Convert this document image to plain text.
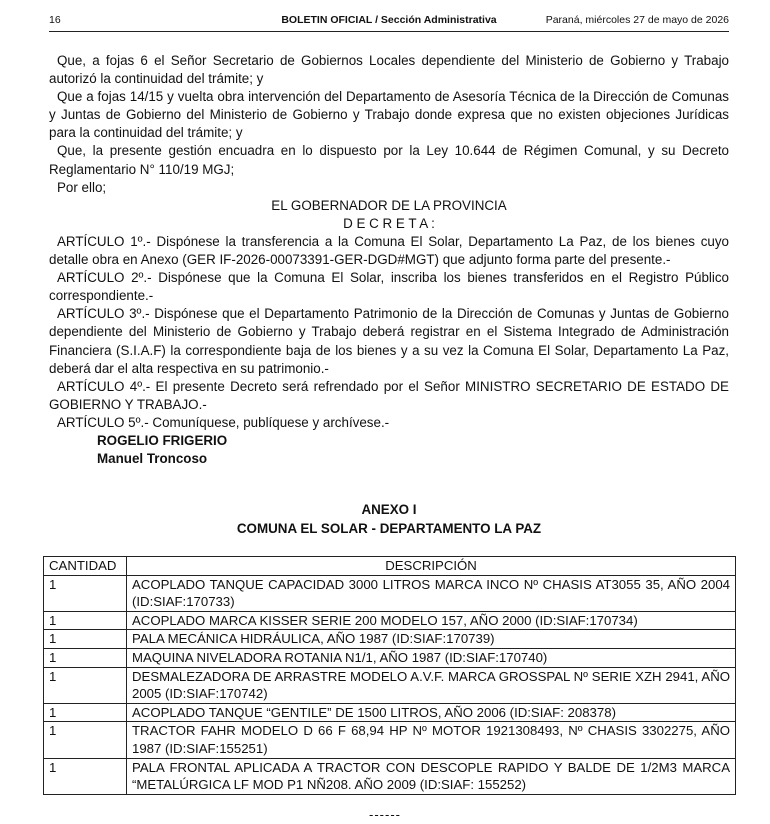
16	BOLETIN OFICIAL / Sección Administrativa	Paraná, miércoles 27 de mayo de 2026
Que, a fojas 6 el Señor Secretario de Gobiernos Locales dependiente del Ministerio de Gobierno y Trabajo autorizó la continuidad del trámite; y
Que a fojas 14/15 y vuelta obra intervención del Departamento de Asesoría Técnica de la Dirección de Comunas y Juntas de Gobierno del Ministerio de Gobierno y Trabajo donde expresa que no existen objeciones Jurídicas para la continuidad del trámite; y
Que, la presente gestión encuadra en lo dispuesto por la Ley 10.644 de Régimen Comunal, y su Decreto Reglamentario N° 110/19 MGJ;
Por ello;
EL GOBERNADOR DE LA PROVINCIA
D E C R E T A :
ARTÍCULO 1º.- Dispónese la transferencia a la Comuna El Solar, Departamento La Paz, de los bienes cuyo detalle obra en Anexo (GER IF-2026-00073391-GER-DGD#MGT) que adjunto forma parte del presente.-
ARTÍCULO 2º.- Dispónese que la Comuna El Solar, inscriba los bienes transferidos en el Registro Público correspondiente.-
ARTÍCULO 3º.- Dispónese que el Departamento Patrimonio de la Dirección de Comunas y Juntas de Gobierno dependiente del Ministerio de Gobierno y Trabajo deberá registrar en el Sistema Integrado de Administración Financiera (S.I.A.F) la correspondiente baja de los bienes y a su vez la Comuna El Solar, Departamento La Paz, deberá dar el alta respectiva en su patrimonio.-
ARTÍCULO 4º.- El presente Decreto será refrendado por el Señor MINISTRO SECRETARIO DE ESTADO DE GOBIERNO Y TRABAJO.-
ARTÍCULO 5º.- Comuníquese, publíquese y archívese.-
ROGELIO FRIGERIO
Manuel Troncoso
ANEXO I
COMUNA EL SOLAR - DEPARTAMENTO LA PAZ
CANTIDAD	DESCRIPCIÓN
1	ACOPLADO TANQUE CAPACIDAD 3000 LITROS MARCA INCO Nº CHASIS AT3055 35, AÑO 2004 (ID:SIAF:170733)
1	ACOPLADO MARCA KISSER SERIE 200 MODELO 157, AÑO 2000 (ID:SIAF:170734)
1	PALA MECÁNICA HIDRÁULICA, AÑO 1987 (ID:SIAF:170739)
1	MAQUINA NIVELADORA ROTANIA N1/1, AÑO 1987 (ID:SIAF:170740)
1	DESMALEZADORA DE ARRASTRE MODELO A.V.F. MARCA GROSSPAL Nº SERIE XZH 2941, AÑO 2005 (ID:SIAF:170742)
1	ACOPLADO TANQUE “GENTILE” DE 1500 LITROS, AÑO 2006 (ID:SIAF: 208378)
1	TRACTOR FAHR MODELO D 66 F 68,94 HP Nº MOTOR 1921308493, Nº CHASIS 3302275, AÑO 1987 (ID:SIAF:155251)
1	PALA FRONTAL APLICADA A TRACTOR CON DESCOPLE RAPIDO Y BALDE DE 1/2M3 MARCA “METALÚRGICA LF MOD P1 NÑ208. AÑO 2009 (ID:SIAF: 155252)
------
